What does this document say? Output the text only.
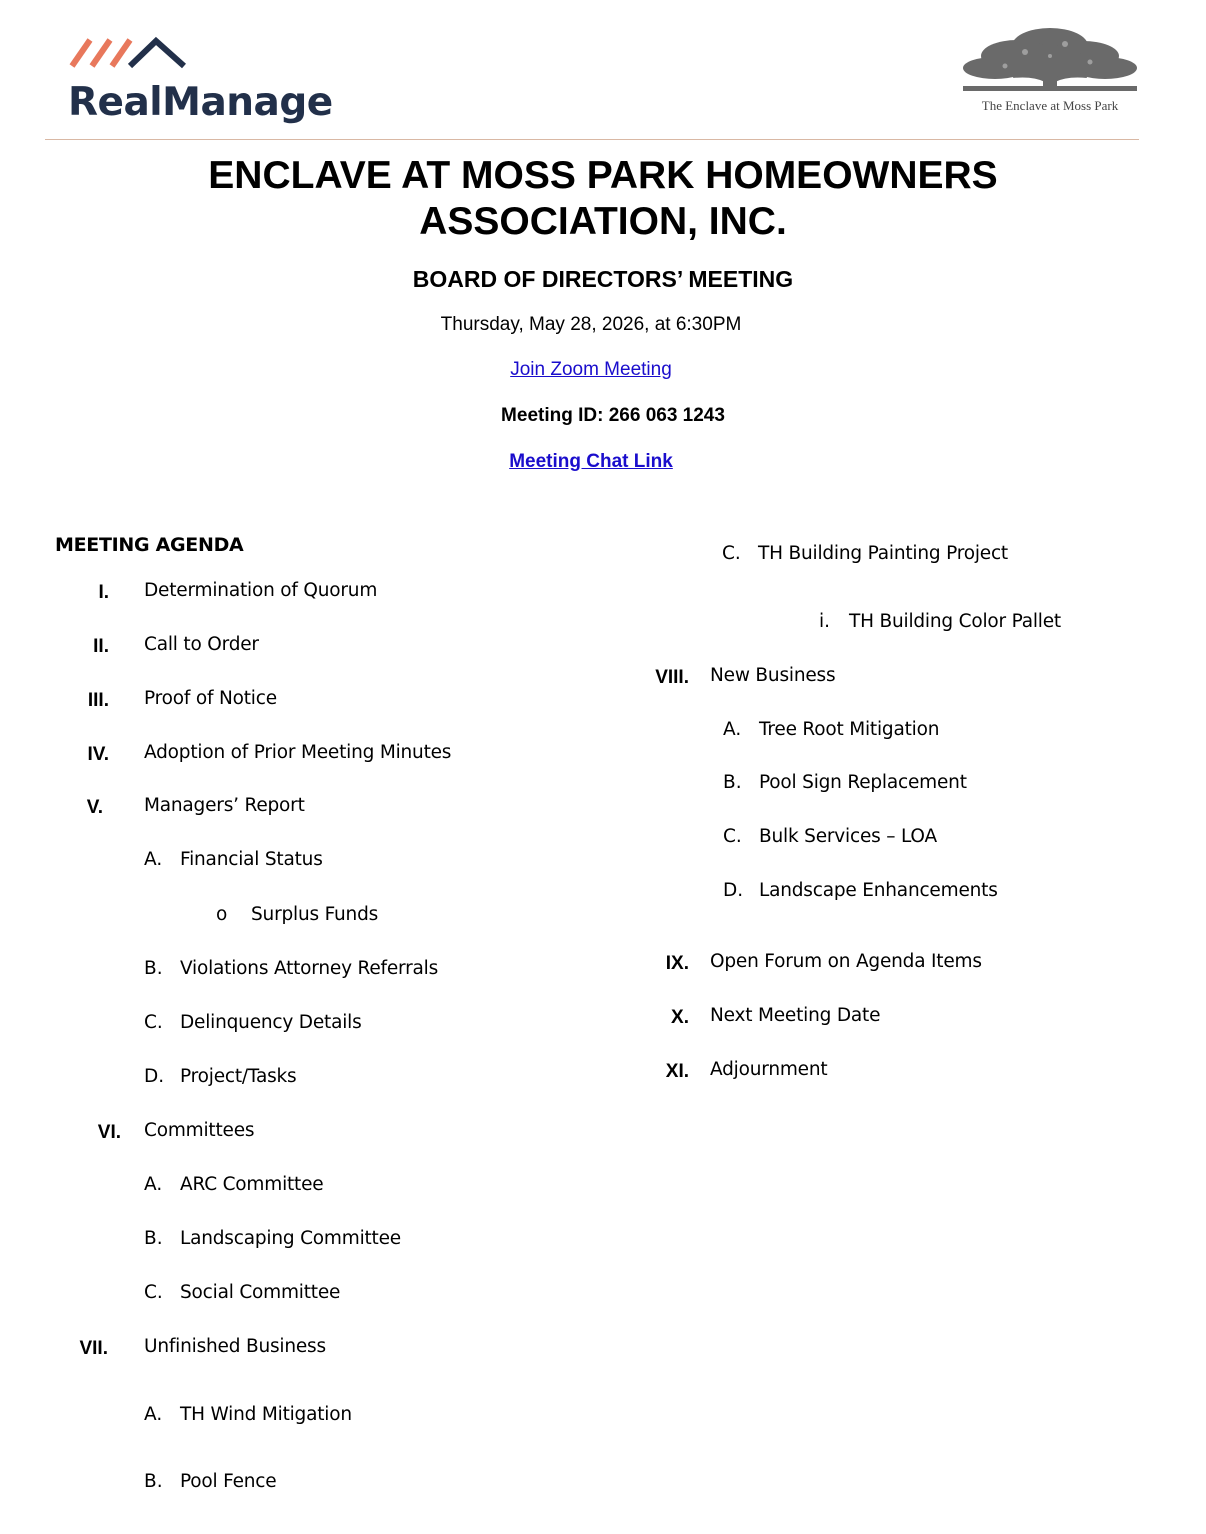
RealManage	The Enclave at Moss Park
ENCLAVE AT MOSS PARK HOMEOWNERS
ASSOCIATION, INC.
BOARD OF DIRECTORS’ MEETING
Thursday, May 28, 2026, at 6:30PM
Join Zoom Meeting
Meeting ID: 266 063 1243
Meeting Chat Link
MEETING AGENDA
I. Determination of Quorum
II. Call to Order
III. Proof of Notice
IV. Adoption of Prior Meeting Minutes
V. Managers’ Report
A. Financial Status
o Surplus Funds
B. Violations Attorney Referrals
C. Delinquency Details
D. Project/Tasks
VI. Committees
A. ARC Committee
B. Landscaping Committee
C. Social Committee
VII. Unfinished Business
A. TH Wind Mitigation
B. Pool Fence
C. TH Building Painting Project
i. TH Building Color Pallet
VIII. New Business
A. Tree Root Mitigation
B. Pool Sign Replacement
C. Bulk Services – LOA
D. Landscape Enhancements
IX. Open Forum on Agenda Items
X. Next Meeting Date
XI. Adjournment
